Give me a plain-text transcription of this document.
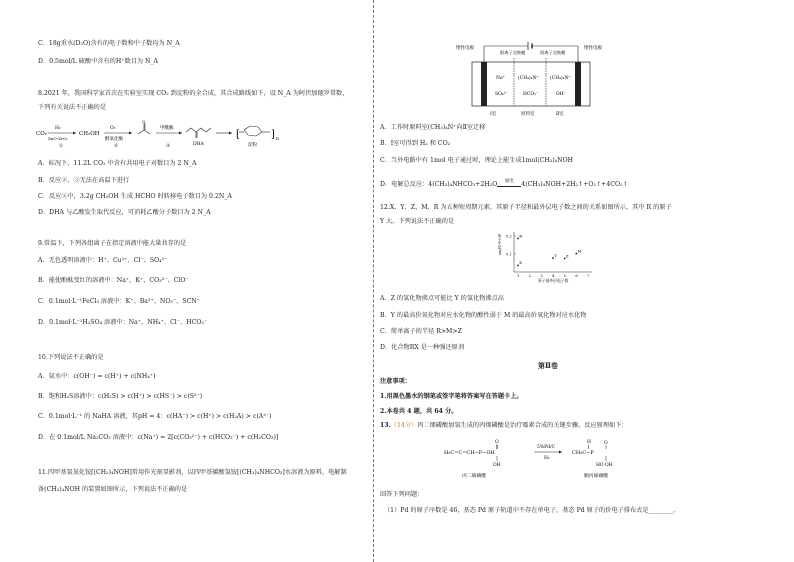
C．18g重水(D₂O)含有的电子数和中子数均为 N_A
D．0.5mol/L 硫酸中含有的H⁺数目为 N_A
8.2021 年，我国科学家首次在实验室实现 CO₂ 到淀粉的全合成，其合成路线如下，设 N_A 为阿伏加德罗常数，
下列有关说法不正确的是
CO₂
H₂
ZnO-ZrO₂
①
CH₃OH
O₂
醇氧化酶
②
O
甲酰酶
③	DHA
[	] n
淀粉
A．标况下，11.2L CO₂ 中含有共用电子对数目为 2 N_A
B．反应②、③无法在高温下进行
C．反应②中，3.2g CH₃OH 生成 HCHO 时转移电子数目为 0.2N_A
D．DHA 与乙酸发生取代反应，可消耗乙酸分子数目为 2 N_A
9.常温下，下列各组离子在指定溶液中能大量共存的是
A．无色透明溶液中：H⁺、Cu²⁺、Cl⁻、SO₄²⁻
B．能使酚酞变红的溶液中：Na⁺、K⁺、CO₃²⁻、ClO⁻
C．0.1mol·L⁻¹FeCl₃ 溶液中：K⁺、Ba²⁺、NO₃⁻、SCN⁻
D．0.1mol·L⁻¹H₂SO₄ 溶液中：Na⁺、NH₄⁺、Cl⁻、HCO₃⁻
10.下列说法不正确的是
A．氨水中：c(OH⁻) = c(H⁺) + c(NH₄⁺)
B．饱和H₂S溶液中：c(H₂S) > c(H⁺) > c(HS⁻) > c(S²⁻)
C．0.1mol·L⁻¹ 的 NaHA 溶液，其pH = 4：c(HA⁻) > c(H⁺) > c(H₂A) > c(A²⁻)
D．在 0.1mol/L Na₂CO₃ 溶液中：c(Na⁺) = 2[c(CO₃²⁻) + c(HCO₃⁻) + c(H₂CO₃)]
11.四甲基氢氧化铵[(CH₃)₄NOH]常用作光刻显影剂，以四甲基碳酸氢铵[(CH₃)₄NHCO₃]水溶液为原料，电解制
备(CH₃)₄NOH 的装置如图所示，下列说法不正确的是
惰性电极	惰性电极
阳离子交换膜	阴离子交换膜
Na⁺
SO₄²⁻
(CH₃)₄N⁺
HCO₃⁻
(CH₃)₄N⁺
OH⁻
Ⅰ室	原料室	Ⅱ室
A．工作时原料室(CH₃)₄N⁺向Ⅱ室迁移
B．Ⅰ室可得到 H₂ 和 CO₂
C．当外电路中有 1mol 电子通过时，理论上能生成1mol(CH₃)₄NOH
D．电解总反应：4(CH₃)₄NHCO₃+2H₂O $^{通电}$ 4(CH₃)₄NOH+2H₂↑+O₂↑+4CO₂↑
12.X、Y、Z、M、R 为五种短周期元素，其原子半径和最外层电子数之间的关系如图所示，其中 R 的原子
Y 大。下列说法不正确的是
原子半径/nm
原子最外层电子数
0.2
0.1
1	2	3	4	5	6	7
R
X
Y Z
M
A．Z 的氢化物沸点可能比 Y 的氢化物沸点高
B．Y 的最高价氧化物对应水化物的酸性弱于 M 的最高价氧化物对应水化物
C．简单离子的半径 R>M>Z
D．化合物RX 是一种强还原剂
第Ⅱ卷
注意事项：
1.用黑色墨水的钢笔或签字笔将答案写在答题卡上。
2.本卷共 4 题，共 64 分。
13.（14分）丙二烯磷酸加氢生成的丙烯磷酸是治疗霉素合成的关键步骤，反应原理如下：
O
H₂C=C=CH−P−OH
OH
丙二烯磷酸
5%Pd/C
H₂
H	O
CH₃C−P
HO OH
顺丙烯磷酸
回答下列问题：
（1）Pd 的原子序数是 46，基态 Pd 原子轨道中不存在单电子，基态 Pd 原子的价电子排布式是________。
